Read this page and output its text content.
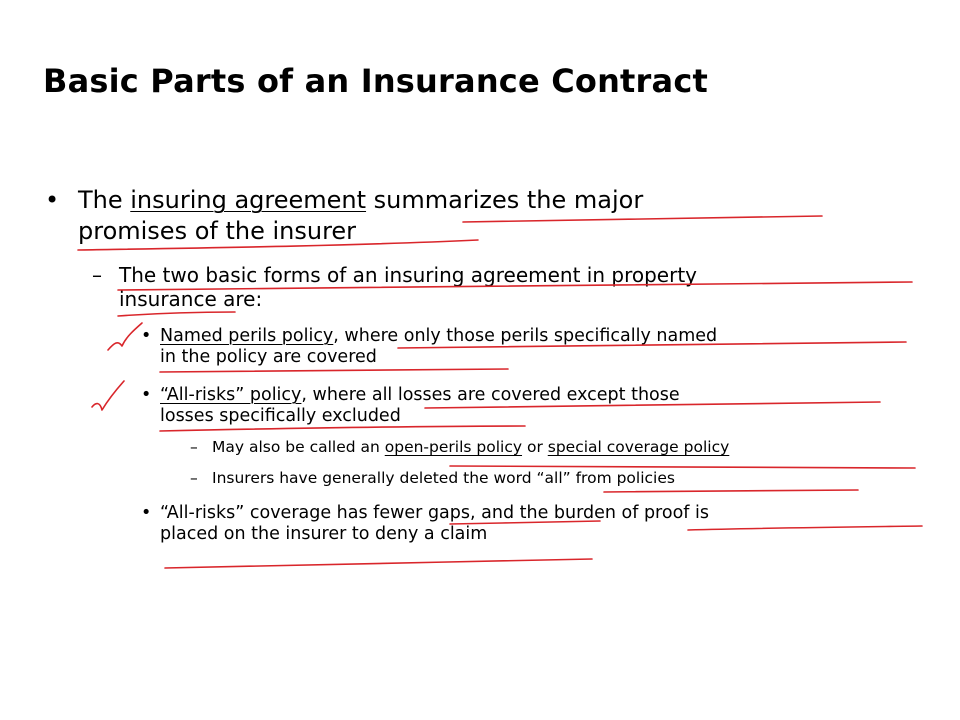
Basic Parts of an Insurance Contract
• The insuring agreement summarizes the major
promises of the insurer
– The two basic forms of an insuring agreement in property
insurance are:
• Named perils policy, where only those perils specifically named
in the policy are covered
• “All-risks” policy, where all losses are covered except those
losses specifically excluded
– May also be called an open-perils policy or special coverage policy
– Insurers have generally deleted the word “all” from policies
• “All-risks” coverage has fewer gaps, and the burden of proof is
placed on the insurer to deny a claim
